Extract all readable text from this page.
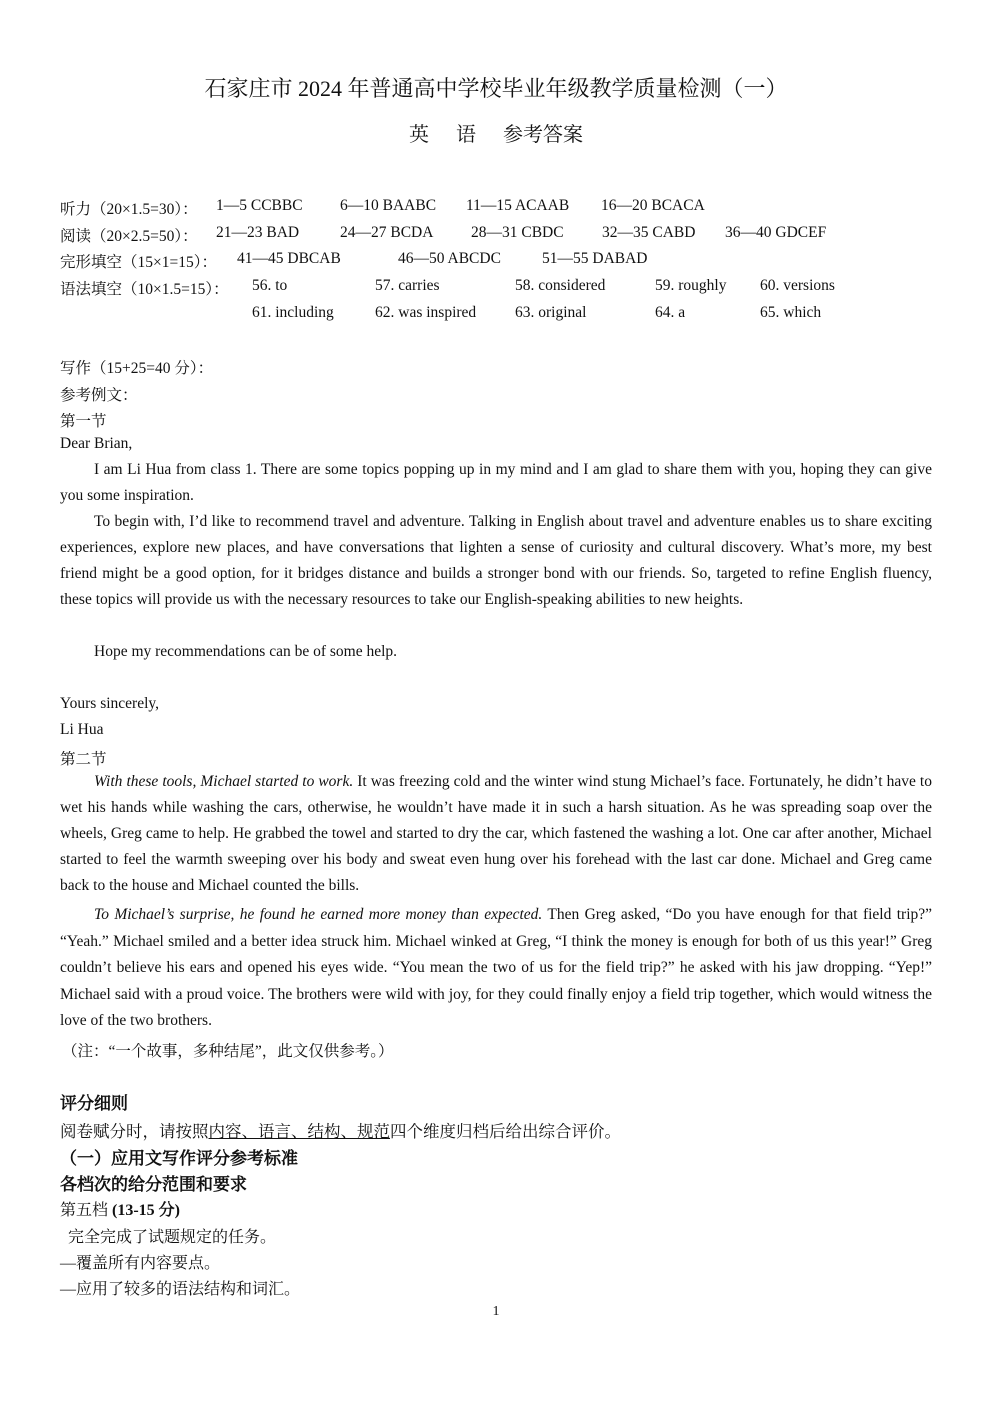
石家庄市 2024 年普通高中学校毕业年级教学质量检测（一）
英 语 参考答案
听力（20×1.5=30）： 1—5 CCBBC 6—10 BAABC 11—15 ACAAB 16—20 BCACA
阅读（20×2.5=50）： 21—23 BAD	24—27 BCDA 28—31 CBDC 32—35 CABD 36—40 GDCEF
完形填空（15×1=15）： 41—45 DBCAB	46—50 ABCDC	51—55 DABAD
语法填空（10×1.5=15）： 56. to	57. carries	58. considered	59. roughly 60. versions
61. including	62. was inspired	63. original	64. a	65. which
写作（15+25=40 分）：
参考例文：
第一节
Dear Brian,
I am Li Hua from class 1. There are some topics popping up in my mind and I am glad to share them with you, hoping they can give you some inspiration.
To begin with, I’d like to recommend travel and adventure. Talking in English about travel and adventure enables us to share exciting experiences, explore new places, and have conversations that lighten a sense of curiosity and cultural discovery. What’s more, my best friend might be a good option, for it bridges distance and builds a stronger bond with our friends. So, targeted to refine English fluency, these topics will provide us with the necessary resources to take our English-speaking abilities to new heights.
Hope my recommendations can be of some help.
Yours sincerely,
Li Hua
第二节
With these tools, Michael started to work. It was freezing cold and the winter wind stung Michael’s face. Fortunately, he didn’t have to wet his hands while washing the cars, otherwise, he wouldn’t have made it in such a harsh situation. As he was spreading soap over the wheels, Greg came to help. He grabbed the towel and started to dry the car, which fastened the washing a lot. One car after another, Michael started to feel the warmth sweeping over his body and sweat even hung over his forehead with the last car done. Michael and Greg came back to the house and Michael counted the bills.
To Michael’s surprise, he found he earned more money than expected. Then Greg asked, “Do you have enough for that field trip?” “Yeah.” Michael smiled and a better idea struck him. Michael winked at Greg, “I think the money is enough for both of us this year!” Greg couldn’t believe his ears and opened his eyes wide. “You mean the two of us for the field trip?” he asked with his jaw dropping. “Yep!” Michael said with a proud voice. The brothers were wild with joy, for they could finally enjoy a field trip together, which would witness the love of the two brothers.
（注：“一个故事，多种结尾”，此文仅供参考。）
评分细则
阅卷赋分时，请按照内容、语言、结构、规范四个维度归档后给出综合评价。
（一）应用文写作评分参考标准
各档次的给分范围和要求
第五档 (13-15 分)
完全完成了试题规定的任务。
—覆盖所有内容要点。
—应用了较多的语法结构和词汇。
1
